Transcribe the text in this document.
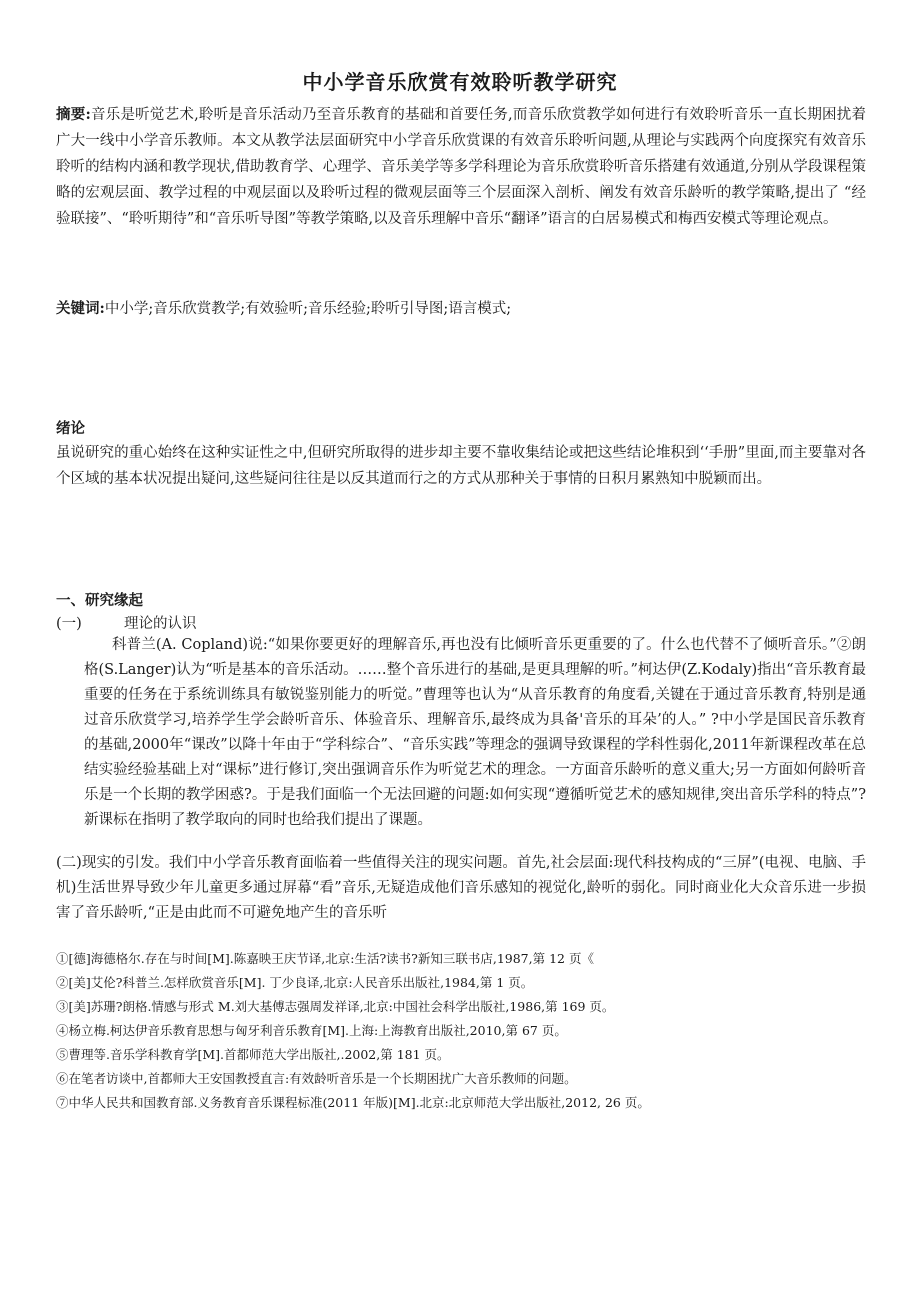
中小学音乐欣赏有效聆听教学研究
摘要:音乐是听觉艺术,聆听是音乐活动乃至音乐教育的基础和首要任务,而音乐欣赏教学如何进行有效聆听音乐一直长期困扰着广大一线中小学音乐教师。本文从教学法层面研究中小学音乐欣赏课的有效音乐聆听问题,从理论与实践两个向度探究有效音乐聆听的结构内涵和教学现状,借助教育学、心理学、音乐美学等多学科理论为音乐欣赏聆听音乐搭建有效通道,分别从学段课程策略的宏观层面、教学过程的中观层面以及聆听过程的微观层面等三个层面深入剖析、阐发有效音乐龄听的教学策略,提出了 “经验联接”、“聆听期待”和“音乐听导图”等教学策略,以及音乐理解中音乐“翻译”语言的白居易模式和梅西安模式等理论观点。
关键词:中小学;音乐欣赏教学;有效验听;音乐经验;聆听引导图;语言模式;
绪论
虽说研究的重心始终在这种实证性之中,但研究所取得的进步却主要不靠收集结论或把这些结论堆积到‘‘手册”里面,而主要靠对各个区域的基本状况提出疑问,这些疑问往往是以反其道而行之的方式从那种关于事情的日积月累熟知中脱颖而出。
一、研究缘起
(一)	理论的认识
科普兰(A. Copland)说:“如果你要更好的理解音乐,再也没有比倾听音乐更重要的了。什么也代替不了倾听音乐。”②朗格(S.Langer)认为“听是基本的音乐活动。……整个音乐进行的基础,是更具理解的听。”柯达伊(Z.Kodaly)指出“音乐教育最重要的任务在于系统训练具有敏锐鉴别能力的听觉。”曹理等也认为“从音乐教育的角度看,关键在于通过音乐教育,特别是通过音乐欣赏学习,培养学生学会龄听音乐、体验音乐、理解音乐,最终成为具备'音乐的耳朵’的人。” ?中小学是国民音乐教育的基础,2000年“课改”以降十年由于“学科综合”、“音乐实践”等理念的强调导致课程的学科性弱化,2011年新课程改革在总结实验经验基础上对“课标”进行修订,突出强调音乐作为听觉艺术的理念。一方面音乐龄听的意义重大;另一方面如何龄听音乐是一个长期的教学困惑?。于是我们面临一个无法回避的问题:如何实现“遵循听觉艺术的感知规律,突出音乐学科的特点”?新课标在指明了教学取向的同时也给我们提出了课题。
(二)现实的引发。我们中小学音乐教育面临着一些值得关注的现实问题。首先,社会层面:现代科技构成的“三屏”(电视、电脑、手机)生活世界导致少年儿童更多通过屏幕“看”音乐,无疑造成他们音乐感知的视觉化,龄听的弱化。同时商业化大众音乐进一步损害了音乐龄听,“正是由此而不可避免地产生的音乐听
①[德]海德格尔.存在与时间[M].陈嘉映王庆节译,北京:生活?读书?新知三联书店,1987,第 12 页《
②[美]艾伦?科普兰.怎样欣赏音乐[M]. 丁少良译,北京:人民音乐出版社,1984,第 1 页。
③[美]苏珊?朗格.情感与形式 M.刘大基傅志强周发祥译,北京:中国社会科学出版社,1986,第 169 页。
④杨立梅.柯达伊音乐教育思想与匈牙利音乐教育[M].上海:上海教育出版社,2010,第 67 页。
⑤曹理等.音乐学科教育学[M].首都师范大学出版社,.2002,第 181 页。
⑥在笔者访谈中,首都师大王安国教授直言:有效龄听音乐是一个长期困扰广大音乐教师的问题。
⑦中华人民共和国教育部.义务教育音乐课程标准(2011 年版)[M].北京:北京师范大学出版社,2012, 26 页。
